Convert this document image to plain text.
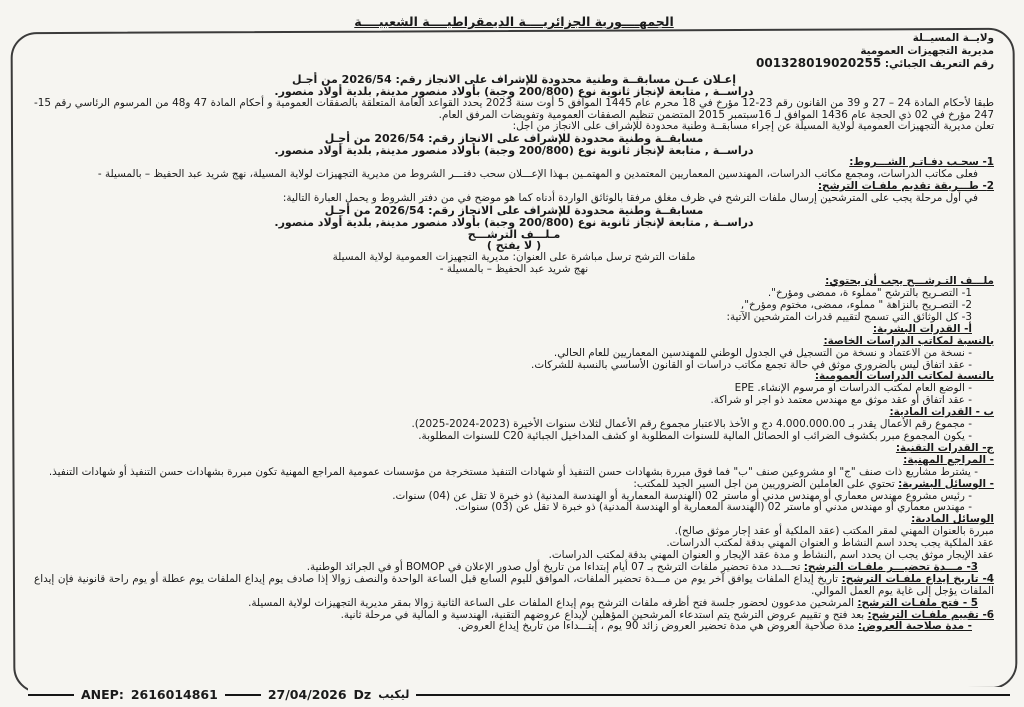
الجمهــــورية الجزائريــــة الديمقراطيــــة الشعبيــــة
ولايــة المسيــلة
مديرية التجهيزات العمومية
رقم التعريف الجبائي: 001328019020255
إعـلان عــن مسابقــة وطنية محدودة للإشراف على الانجاز رقم: 2026/54 من أجـل
دراســة , متابعة لإنجاز ثانوية نوع (200/800 وجبة) بأولاد منصور مدينة, بلدية أولاد منصور.
طبقا لأحكام المادة 24 – 27 و 39 من القانون رقم 23-12 مؤرخ في 18 محرم عام 1445 الموافق 5 أوت سنة 2023 يحدد القواعد العامة المتعلقة بالصفقات العمومية و أحكام المادة 47 و48 من المرسوم الرئاسي رقم 15-247 مؤرخ في 02 ذي الحجة عام 1436 الموافق لـ 16سبتمبر 2015 المتضمن تنظيم الصفقات العمومية وتفويضات المرفق العام.
تعلن مديرية التجهيزات العمومية لولاية المسيلة عن إجراء مسابقــة وطنية محدودة للإشراف على الانجاز من اجل:
مسابقــة وطنية محدودة للإشراف على الانجاز رقم: 2026/54 من أجـل
دراســة , متابعة لإنجاز ثانوية نوع (200/800 وجبة) بأولاد منصور مدينة, بلدية أولاد منصور.
1- سحـب دفـاتـر الشـــروط:
فعلى مكاتب الدراسات، ومجمع مكاتب الدراسات، المهندسين المعماريين المعتمدين و المهتمـين بـهذا الإعـــلان سحب دفتـــر الشروط من مديرية التجهيزات لولاية المسيلة، نهج شريد عبد الحفيظ – بالمسيلة -
2- طـــريقة تقديم ملفـات الترشح:
في أول مرحلة يجب على المترشحين إرسال ملفات الترشح في ظرف مغلق مرفقا بالوثائق الواردة أدناه كما هو موضح في من دفتر الشروط و يحمل العبارة التالية:
مسابقــة وطنية محدودة للإشراف على الانجاز رقم: 2026/54 من أجـل
دراســة , متابعة لإنجاز ثانوية نوع (200/800 وجبة) بأولاد منصور مدينة, بلدية أولاد منصور.
مـلـــف الترشـــح
( لا يفتح )
ملفات الترشح ترسل مباشرة على العنوان: مديرية التجهيزات العمومية لولاية المسيلة
نهج شريد عبد الحفيظ – بالمسيلة -
ملـــف التـرشـــح يجب أن يحتوي:
1- التصـريح بالترشح "مملوء ة، ممضى ومؤرخ".
2- التصـريح بالنزاهة " مملوء، ممضى، مختوم ومؤرخ",
3- كل الوثائق التي تسمح لتقييم قدرات المترشحين الآتية:
أ- القدرات البشرية:
بالنسبة لمكاتب الدراسات الخاصة:
- نسخة من الاعتماد و نسخة من التسجيل في الجدول الوطني للمهندسين المعماريين للعام الحالي.
- عقد اتفاق ليس بالضروري موثق في حالة تجمع مكاتب دراسات او القانون الأساسي بالنسبة للشركات.
بالنسبة لمكاتب الدراسات العمومية:
- الوضع العام لمكتب الدراسات او مرسوم الإنشاء. EPE
- عقد اتفاق أو عقد موثق مع مهندس معتمد ذو اجر او شراكة.
ب - القدرات المادية:
- مجموع رقم الأعمال يقدر بـ 4.000.000.00 دج و الأخذ بالاعتبار مجموع رقم الأعمال لثلاث سنوات الأخيرة (2023-2024-2025).
- يكون المجموع مبرر بكشوف الضرائب او الحصائل المالية للسنوات المطلوبة او كشف المداخيل الجبائية C20 للسنوات المطلوبة.
ج- القدرات التقنية:
- المراجع المهنية:
- يشترط مشاريع ذات صنف "ج" او مشروعين صنف "ب" فما فوق مبررة بشهادات حسن التنفيذ أو شهادات التنفيذ مستخرجة من مؤسسات عمومية المراجع المهنية تكون مبررة بشهادات حسن التنفيذ أو شهادات التنفيذ.
- الوسائل البشرية: تحتوي على العاملين الضروريين من اجل السير الجيد للمكتب:
- رئيس مشروع مهندس معماري أو مهندس مدني أو ماستر 02 (الهندسة المعمارية أو الهندسة المدنية) ذو خبرة لا تقل عن (04) سنوات.
- مهندس معماري أو مهندس مدني أو ماستر 02 (الهندسة المعمارية أو الهندسة المدنية) ذو خبرة لا تقل عن (03) سنوات.
الوسائل المادية:
مبررة بالعنوان المهني لمقر المكتب (عقد الملكية أو عقد إجار موثق صالح).
عقد الملكية يجب يحدد اسم النشاط و العنوان المهني بدقة لمكتب الدراسات.
عقد الإيجار موثق يجب ان يحدد اسم ,النشاط و مدة عقد الإيجار و العنوان المهني بدقة لمكتب الدراسات.
3- مـــدة تحضيـــر ملفـات الترشح: تحـــدد مدة تحضير ملفات الترشح بـ 07 أيام إبتداءا من تاريخ أول صدور الإعلان في BOMOP أو في الجرائد الوطنية.
4- تاريخ إيداع ملفـات الترشح: تاريخ إيداع الملفات يوافق آخر يوم من مـــدة تحضير الملفات، الموافق لليوم السابع قبل الساعة الواحدة والنصف زوالا إذا صادف يوم إيداع الملفات يوم عطلة أو يوم راحة قانونية فإن إيداع الملفات يؤجل إلى غاية يوم العمل الموالي.
5 - فتح ملفـات الترشح: المرشحين مدعوون لحضور جلسة فتح أظرفه ملفات الترشح يوم إيداع الملفات على الساعة الثانية زوالا بمقر مديرية التجهيزات لولاية المسيلة.
6- تقييم ملفـات الترشح: بعد فتح و تقييم عروض الترشح يتم استدعاء المرشحين المؤهلين لإيداع عروضهم التقنية، الهندسية و المالية في مرحلة ثانية.
- مدة صلاحية العروض: مدة صلاحية العروض هي مدة تحضير العروض زائد 90 يوم ، إبتـــداءا من تاريخ إيداع العروض.
ANEP: 2616014861	27/04/2026 Dz ليكيب
